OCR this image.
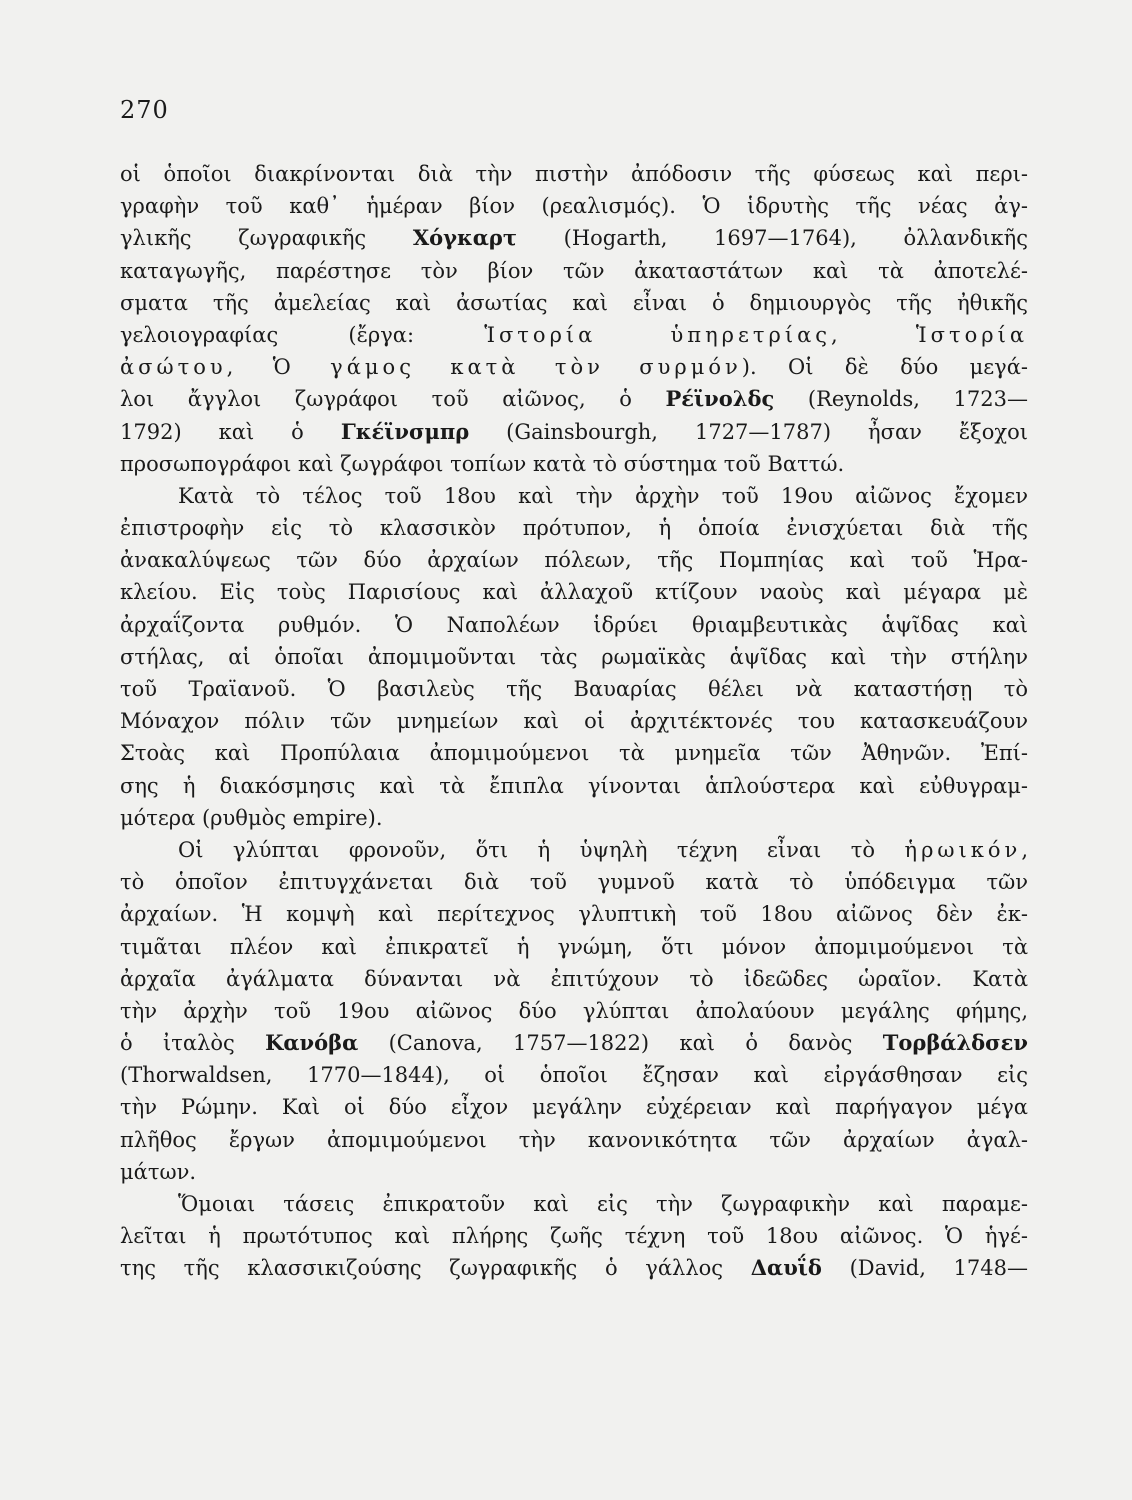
270
οἱ ὁποῖοι διακρίνονται διὰ τὴν πιστὴν ἀπόδοσιν τῆς φύσεως καὶ περι-
γραφὴν τοῦ καθ᾿ ἡμέραν βίον (ρεαλισμός). Ὁ ἱδρυτὴς τῆς νέας ἀγ-
γλικῆς ζωγραφικῆς Χόγκαρτ (Hogarth, 1697—1764), ὀλλανδικῆς
καταγωγῆς, παρέστησε τὸν βίον τῶν ἀκαταστάτων καὶ τὰ ἀποτελέ-
σματα τῆς ἀμελείας καὶ ἀσωτίας καὶ εἶναι ὁ δημιουργὸς τῆς ἠθικῆς
γελοιογραφίας (ἔργα: Ἱστορία ὑπηρετρίας, Ἱστορία
ἀσώτου, Ὁ γάμος κατὰ τὸν συρμόν). Οἱ δὲ δύο μεγά-
λοι ἄγγλοι ζωγράφοι τοῦ αἰῶνος, ὁ Ρέϊνολδς (Reynolds, 1723—
1792) καὶ ὁ Γκέϊνσμπρ (Gainsbourgh, 1727—1787) ἦσαν ἔξοχοι
προσωπογράφοι καὶ ζωγράφοι τοπίων κατὰ τὸ σύστημα τοῦ Βαττώ.
Κατὰ τὸ τέλος τοῦ 18ου καὶ τὴν ἀρχὴν τοῦ 19ου αἰῶνος ἔχομεν
ἐπιστροφὴν εἰς τὸ κλασσικὸν πρότυπον, ἡ ὁποία ἐνισχύεται διὰ τῆς
ἀνακαλύψεως τῶν δύο ἀρχαίων πόλεων, τῆς Πομπηίας καὶ τοῦ Ἡρα-
κλείου. Εἰς τοὺς Παρισίους καὶ ἀλλαχοῦ κτίζουν ναοὺς καὶ μέγαρα μὲ
ἀρχαΐζοντα ρυθμόν. Ὁ Ναπολέων ἱδρύει θριαμβευτικὰς ἁψῖδας καὶ
στήλας, αἱ ὁποῖαι ἀπομιμοῦνται τὰς ρωμαϊκὰς ἁψῖδας καὶ τὴν στήλην
τοῦ Τραϊανοῦ. Ὁ βασιλεὺς τῆς Βαυαρίας θέλει νὰ καταστήσῃ τὸ
Μόναχον πόλιν τῶν μνημείων καὶ οἱ ἀρχιτέκτονές του κατασκευάζουν
Στοὰς καὶ Προπύλαια ἀπομιμούμενοι τὰ μνημεῖα τῶν Ἀθηνῶν. Ἐπί-
σης ἡ διακόσμησις καὶ τὰ ἔπιπλα γίνονται ἁπλούστερα καὶ εὐθυγραμ-
μότερα (ρυθμὸς empire).
Οἱ γλύπται φρονοῦν, ὅτι ἡ ὑψηλὴ τέχνη εἶναι τὸ ἡρωικόν,
τὸ ὁποῖον ἐπιτυγχάνεται διὰ τοῦ γυμνοῦ κατὰ τὸ ὑπόδειγμα τῶν
ἀρχαίων. Ἡ κομψὴ καὶ περίτεχνος γλυπτικὴ τοῦ 18ου αἰῶνος δὲν ἐκ-
τιμᾶται πλέον καὶ ἐπικρατεῖ ἡ γνώμη, ὅτι μόνον ἀπομιμούμενοι τὰ
ἀρχαῖα ἀγάλματα δύνανται νὰ ἐπιτύχουν τὸ ἰδεῶδες ὡραῖον. Κατὰ
τὴν ἀρχὴν τοῦ 19ου αἰῶνος δύο γλύπται ἀπολαύουν μεγάλης φήμης,
ὁ ἰταλὸς Κανόβα (Canova, 1757—1822) καὶ ὁ δανὸς Τορβάλδσεν
(Thorwaldsen, 1770—1844), οἱ ὁποῖοι ἔζησαν καὶ εἰργάσθησαν εἰς
τὴν Ρώμην. Καὶ οἱ δύο εἶχον μεγάλην εὐχέρειαν καὶ παρήγαγον μέγα
πλῆθος ἔργων ἀπομιμούμενοι τὴν κανονικότητα τῶν ἀρχαίων ἀγαλ-
μάτων.
Ὅμοιαι τάσεις ἐπικρατοῦν καὶ εἰς τὴν ζωγραφικὴν καὶ παραμε-
λεῖται ἡ πρωτότυπος καὶ πλήρης ζωῆς τέχνη τοῦ 18ου αἰῶνος. Ὁ ἡγέ-
της τῆς κλασσικιζούσης ζωγραφικῆς ὁ γάλλος Δαυΐδ (David, 1748—
